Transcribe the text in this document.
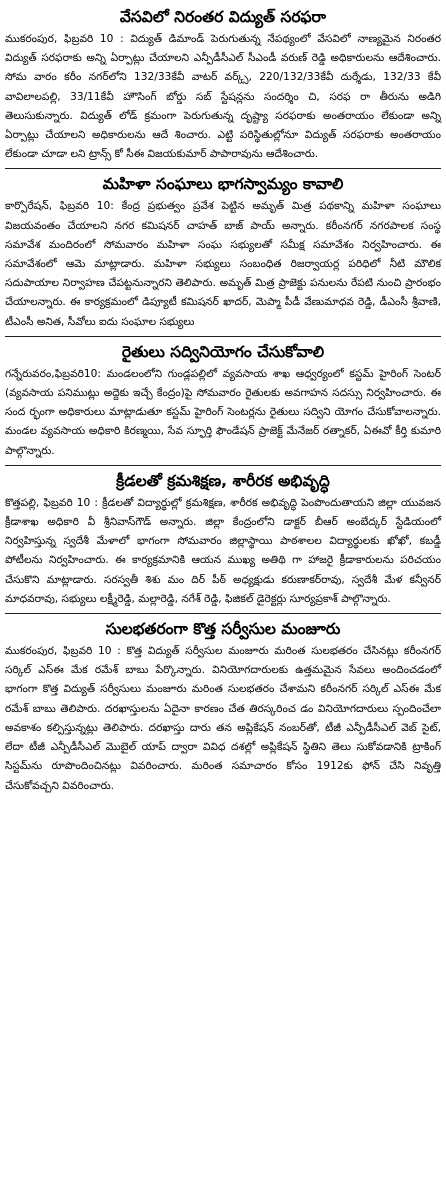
వేసవిలో నిరంతర విద్యుత్ సరఫరా

ముకరంపుర, ఫిబ్రవరి 10 : విద్యుత్ డిమాండ్ పెరుగుతున్న నేపథ్యంలో వేసవిలో నాణ్యమైన నిరంతర విద్యుత్ సరఫరాకు అన్ని ఏర్పాట్లు చేయాలని ఎన్పీడీసీఎల్ సీఎండీ వరుణ్ రెడ్డి అధికారులను ఆదేశించారు. సోమ వారం కరీం నగర్‌లోని 132/33కేవీ వాటర్ వర్క్స్, 220/132/33కేవీ దుర్శేడు, 132/33 కేవీ వావిలాలపల్లి, 33/11కేవీ హౌసింగ్ బోర్డు సబ్ స్టేషన్లను సందర్శిం చి, సరఫ రా తీరును అడిగి తెలుసుకున్నారు. విద్యుత్ లోడ్ క్రమంగా పెరుగుతున్న దృష్ట్యా సరఫరాకు అంతరాయం లేకుండా అన్ని ఏర్పాట్లు చేయాలని అధికారులను ఆదే శించారు. ఎట్టి పరిస్థితుల్లోనూ విద్యుత్ సరఫరాకు అంతరాయం లేకుండా చూడా లని ట్రాన్స్ కో సీఈ విజయకుమార్ పాపారావును ఆదేశించారు.

మహిళా సంఘాలు భాగస్వామ్యం కావాలి

కార్పొరేషన్, ఫిబ్రవరి 10: కేంద్ర ప్రభుత్వం ప్రవేశ పెట్టిన అమృత్ మిత్ర పథకాన్ని మహిళా సంఘాలు విజయవంతం చేయాలని నగర కమిషనర్ చాహత్ బాజ్ పాయ్ అన్నారు. కరీంనగర్ నగరపాలక సంస్థ సమావేశ మందిరంలో సోమవారం మహిళా సంఘ సభ్యులతో సమీక్ష సమావేశం నిర్వహించారు. ఈ సమావేశంలో ఆమె మాట్లాడారు. మహిళా సభ్యులు సంబంధిత రిజర్వాయర్ల పరిధిలో నీటి మౌలిక సదుపాయాల నిర్వాహణ చేపట్టనున్నారని తెలిపారు. అమృత్ మిత్ర ప్రాజెక్టు పనులను రేపటి నుంచి ప్రారంభం చేయాలన్నారు. ఈ కార్యక్రమంలో డిప్యూటీ కమిషనర్ ఖాదర్, మెప్మా పీడీ వేణుమాధవ రెడ్డి, డీఎంసీ శ్రీవాణి, టీఎంసీ అనిత, సీవోలు ఐదు సంఘాల సభ్యులు

రైతులు సద్వినియోగం చేసుకోవాలి

గన్నేరువరం,ఫిబ్రవరి10: మండలంలోని గుండ్లపల్లిలో వ్యవసాయ శాఖ ఆధ్వర్యంలో కస్టమ్ హైరింగ్ సెంటర్ (వ్యవసాయ పనిముట్లు అద్దెకు ఇచ్చే కేంద్రం)పై సోమవారం రైతులకు అవగాహన సదస్సు నిర్వహించారు. ఈ సంద ర్భంగా అధికారులు మాట్లాడుతూ కస్టమ్ హైరింగ్ సెంటర్లను రైతులు సద్విని యోగం చేసుకోవాలన్నారు. మండల వ్యవసాయ అధికారి కిరణ్మయి, సేవ స్ఫూర్తి ఫౌండేషన్ ప్రాజెక్ట్ మేనేజర్ రత్నాకర్, ఏఈవో కీర్తి కుమారి పాల్గొన్నారు.

క్రీడలతో క్రమశిక్షణ, శారీరక అభివృద్ధి

కొత్తపల్లి, ఫిబ్రవరి 10 : క్రీడలతో విద్యార్థుల్లో క్రమశిక్షణ, శారీరక అభివృద్ధి పెంపొందుతాయని జిల్లా యువజన క్రీడాశాఖ అధికారి వీ శ్రీనివాస్‌గౌడ్ అన్నారు. జిల్లా కేంద్రంలోని డాక్టర్ బీఆర్ అంబేద్కర్ స్టేడియంలో నిర్వహిస్తున్న స్వదేశీ మేళాలో భాగంగా సోమవారం జిల్లాస్థాయి పాఠశాలల విద్యార్థులకు ఖోఖో, కబడ్డీ పోటీలను నిర్వహించారు. ఈ కార్యక్రమానికి ఆయన ముఖ్య అతిథి గా హాజరై క్రీడాకారులను పరిచయం చేసుకొని మాట్లాడారు. సరస్వతీ శిశు మం దిర్ పీఠ్ అధ్యక్షుడు కరుణాకర్‌రావు, స్వదేశీ మేళ కన్వీనర్ మాధవరావు, సభ్యులు లక్ష్మీరెడ్డి, మల్లారెడ్డి, నగేశ్ రెడ్డి, ఫిజికల్ డైరెక్టర్లు సూర్యప్రకాశ్ పాల్గొన్నారు.

సులభతరంగా కొత్త సర్వీసుల మంజూరు

ముకరంపుర, ఫిబ్రవరి 10 : కొత్త విద్యుత్ సర్వీసుల మంజూరు మరింత సులభతరం చేసినట్లు కరీంనగర్ సర్కిల్ ఎస్ఈ మేక రమేశ్ బాబు పేర్కొన్నారు. వినియోగదారులకు ఉత్తమమైన సేవలు అందించడంలో భాగంగా కొత్త విద్యుత్ సర్వీసులు మంజూరు మరింత సులభతరం చేశామని కరీంనగర్ సర్కిల్ ఎస్ఈ మేక రమేశ్ బాబు తెలిపారు. దరఖాస్తులను ఏదైనా కారణం చేత తిరస్కరించ డం వినియోగదారులు స్పందించేలా అవకాశం కల్పిస్తున్నట్లు తెలిపారు. దరఖాస్తు దారు తన అప్లికేషన్ నంబర్‌తో, టీజీ ఎన్పీడీసీఎల్ వెబ్ సైట్, లేదా టీజీ ఎన్పీడీసీఎల్ మొబైల్ యాప్ ద్వారా వివిధ దశల్లో అప్లికేషన్ స్థితిని తెలు సుకోవడానికి ట్రాకింగ్ సిస్టమ్‌ను రూపొందించినట్లు వివరించారు. మరింత సమాచారం కోసం 1912కు ఫోన్ చేసి నివృత్తి చేసుకోవచ్చని వివరించారు.
